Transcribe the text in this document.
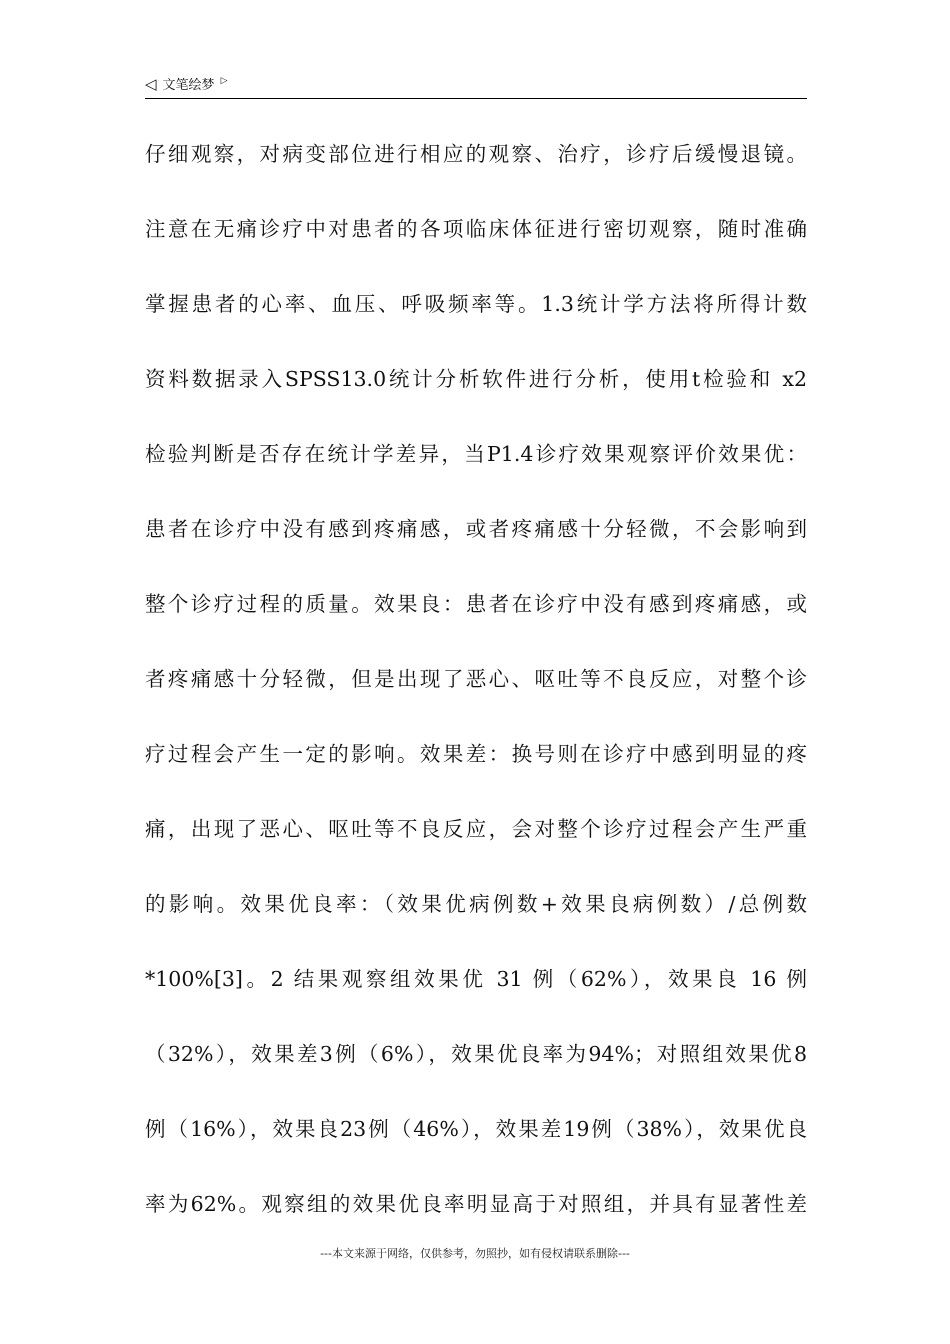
◁ 文笔绘梦 ▷
仔细观察，对病变部位进行相应的观察、治疗，诊疗后缓慢退镜。
注意在无痛诊疗中对患者的各项临床体征进行密切观察，随时准确
掌握患者的心率、血压、呼吸频率等。1.3统计学方法将所得计数
资料数据录入SPSS13.0统计分析软件进行分析，使用t检验和 x2
检验判断是否存在统计学差异，当P1.4诊疗效果观察评价效果优：
患者在诊疗中没有感到疼痛感，或者疼痛感十分轻微，不会影响到
整个诊疗过程的质量。效果良：患者在诊疗中没有感到疼痛感，或
者疼痛感十分轻微，但是出现了恶心、呕吐等不良反应，对整个诊
疗过程会产生一定的影响。效果差：换号则在诊疗中感到明显的疼
痛，出现了恶心、呕吐等不良反应，会对整个诊疗过程会产生严重
的影响。效果优良率：（效果优病例数+效果良病例数）/总例数
*100%[3]。2 结果观察组效果优 31 例（62%），效果良 16 例
（32%），效果差3例（6%），效果优良率为94%；对照组效果优8
例（16%），效果良23例（46%），效果差19例（38%），效果优良
率为62%。观察组的效果优良率明显高于对照组，并具有显著性差
---本文来源于网络，仅供参考，勿照抄，如有侵权请联系删除---
